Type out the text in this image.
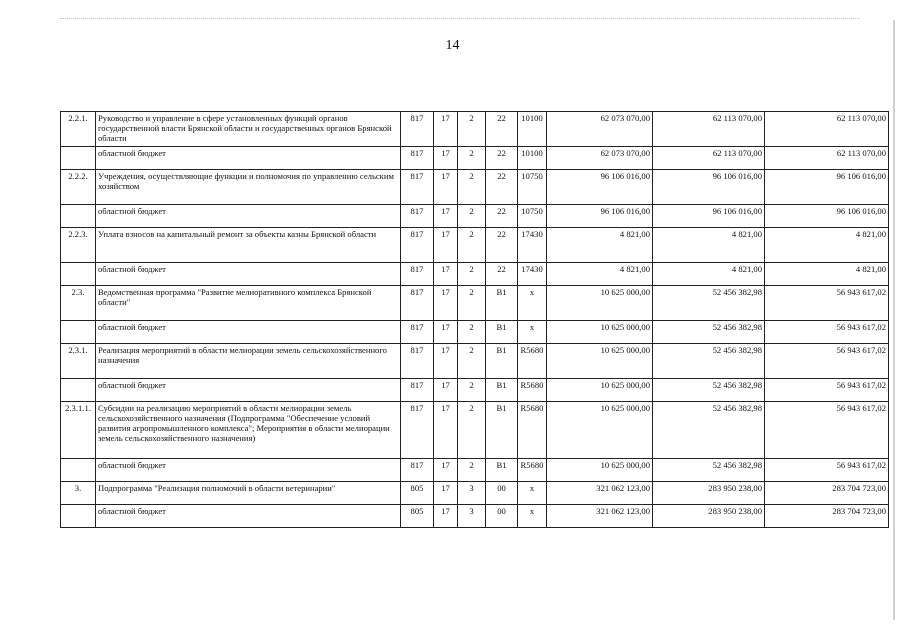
14
2.2.1.	Руководство и управление в сфере установленных функций органов государственной власти Брянской области и государственных органов Брянской области	817	17	2	22	10100	62 073 070,00	62 113 070,00	62 113 070,00
	областной бюджет	817	17	2	22	10100	62 073 070,00	62 113 070,00	62 113 070,00
2.2.2.	Учреждения, осуществляющие функции и полномочия по управлению сельским хозяйством	817	17	2	22	10750	96 106 016,00	96 106 016,00	96 106 016,00
	областной бюджет	817	17	2	22	10750	96 106 016,00	96 106 016,00	96 106 016,00
2.2.3.	Уплата взносов на капитальный ремонт за объекты казны Брянской области	817	17	2	22	17430	4 821,00	4 821,00	4 821,00
	областной бюджет	817	17	2	22	17430	4 821,00	4 821,00	4 821,00
2.3.	Ведомственная программа "Развитие мелиоративного комплекса Брянской области"	817	17	2	В1	х	10 625 000,00	52 456 382,98	56 943 617,02
	областной бюджет	817	17	2	В1	х	10 625 000,00	52 456 382,98	56 943 617,02
2.3.1.	Реализация мероприятий в области мелиорации земель сельскохозяйственного назначения	817	17	2	В1	R5680	10 625 000,00	52 456 382,98	56 943 617,02
	областной бюджет	817	17	2	В1	R5680	10 625 000,00	52 456 382,98	56 943 617,02
2.3.1.1.	Субсидии на реализацию мероприятий в области мелиорации земель сельскохозяйственного назначения (Подпрограмма "Обеспечение условий развития агропромышленного комплекса"; Мероприятия в области мелиорации земель сельскохозяйственного назначения)	817	17	2	В1	R5680	10 625 000,00	52 456 382,98	56 943 617,02
	областной бюджет	817	17	2	В1	R5680	10 625 000,00	52 456 382,98	56 943 617,02
3.	Подпрограмма "Реализация полномочий в области ветеринарии"	805	17	3	00	х	321 062 123,00	283 950 238,00	283 704 723,00
	областной бюджет	805	17	3	00	х	321 062 123,00	283 950 238,00	283 704 723,00
